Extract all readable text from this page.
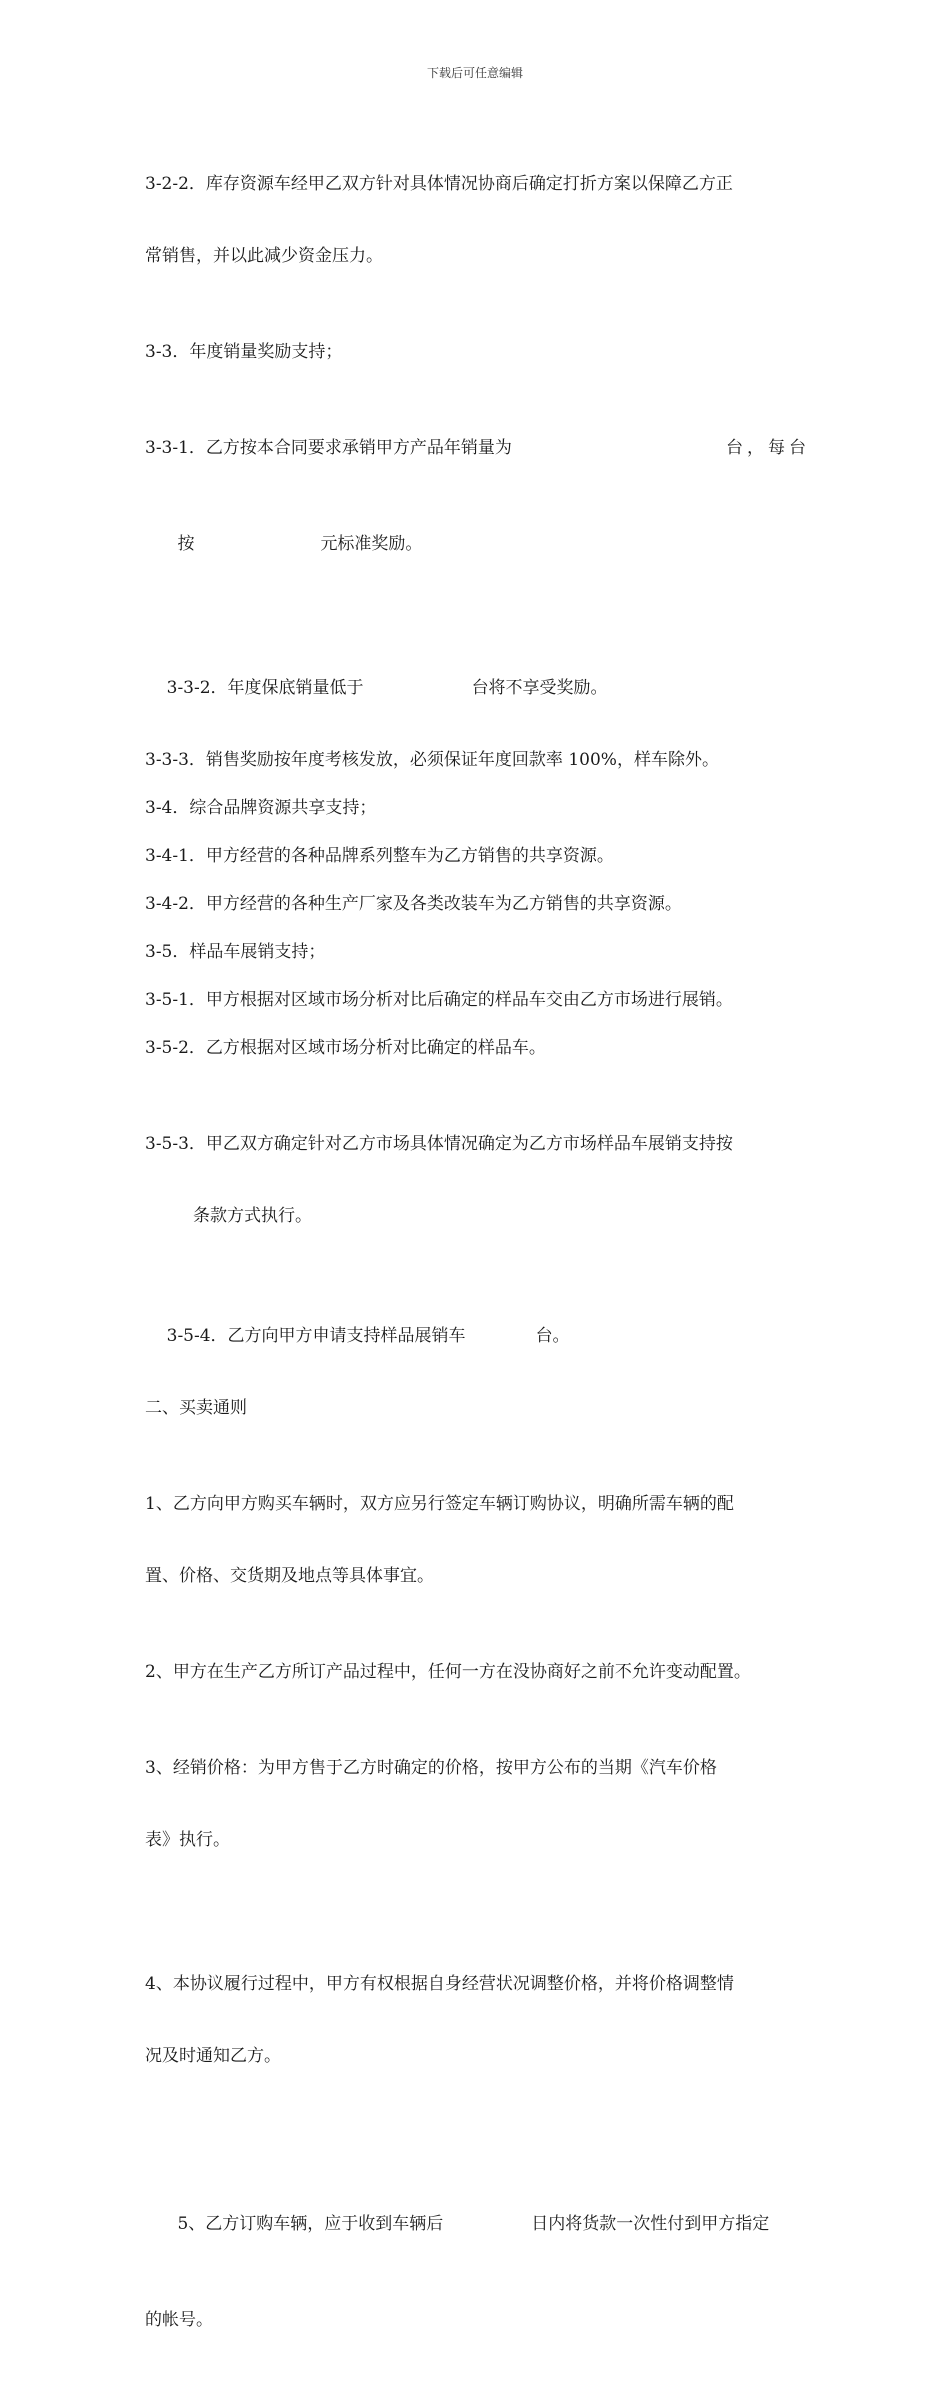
下载后可任意编辑

3-2-2．库存资源车经甲乙双方针对具体情况协商后确定打折方案以保障乙方正

常销售，并以此减少资金压力。

3-3．年度销量奖励支持；

3-3-1．乙方按本合同要求承销甲方产品年销量为	台，每台

按	元标准奖励。

3-3-2．年度保底销量低于	台将不享受奖励。

3-3-3．销售奖励按年度考核发放，必须保证年度回款率 100%，样车除外。
3-4．综合品牌资源共享支持；
3-4-1．甲方经营的各种品牌系列整车为乙方销售的共享资源。
3-4-2．甲方经营的各种生产厂家及各类改装车为乙方销售的共享资源。
3-5．样品车展销支持；
3-5-1．甲方根据对区域市场分析对比后确定的样品车交由乙方市场进行展销。
3-5-2．乙方根据对区域市场分析对比确定的样品车。

3-5-3．甲乙双方确定针对乙方市场具体情况确定为乙方市场样品车展销支持按

条款方式执行。

3-5-4．乙方向甲方申请支持样品展销车	台。

二、买卖通则

1、乙方向甲方购买车辆时，双方应另行签定车辆订购协议，明确所需车辆的配

置、价格、交货期及地点等具体事宜。

2、甲方在生产乙方所订产品过程中，任何一方在没协商好之前不允许变动配置。

3、经销价格：为甲方售于乙方时确定的价格，按甲方公布的当期《汽车价格

表》执行。

4、本协议履行过程中，甲方有权根据自身经营状况调整价格，并将价格调整情

况及时通知乙方。

5、乙方订购车辆，应于收到车辆后	日内将货款一次性付到甲方指定

的帐号。
